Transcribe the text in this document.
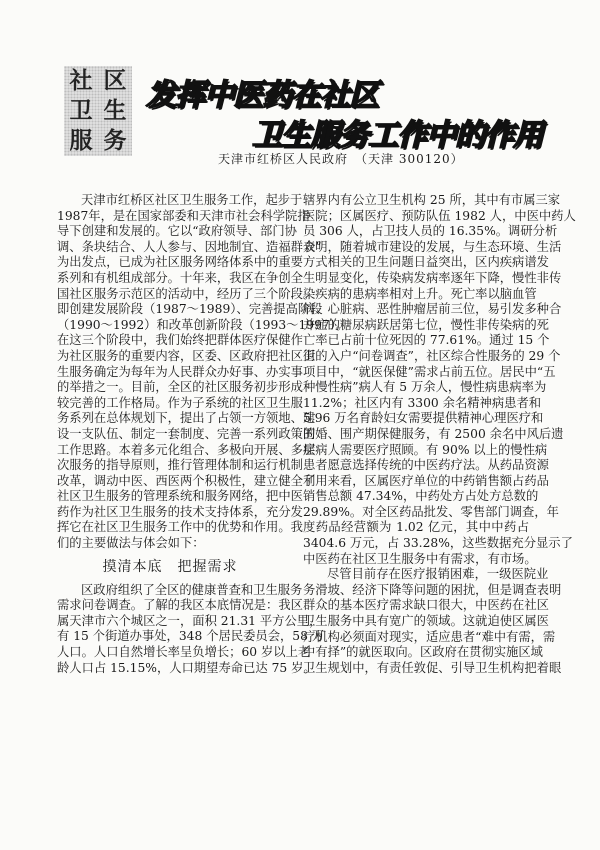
社 区
卫 生
服 务
发挥中医药在社区
卫生服务工作中的作用
天津市红桥区人民政府　（天津 300120）
天津市红桥区社区卫生服务工作，起步于
1987年，是在国家部委和天津市社会科学院指
导下创建和发展的。它以“政府领导、部门协
调、条块结合、人人参与、因地制宜、造福群众”
为出发点，已成为社区服务网络体系中的重要
系列和有机组成部分。十年来，我区在争创全
国社区服务示范区的活动中，经历了三个阶段。
即创建发展阶段（1987～1989）、完善提高阶段
（1990～1992）和改革创新阶段（1993～1997）。
在这三个阶段中，我们始终把群体医疗保健作
为社区服务的重要内容，区委、区政府把社区卫
生服务确定为每年为人民群众办好事、办实事
的举措之一。目前，全区的社区服务初步形成
较完善的工作格局。作为子系统的社区卫生服
务系列在总体规划下，提出了占领一方领地、建
设一支队伍、制定一套制度、完善一系列政策的
工作思路。本着多元化组合、多极向开展、多层
次服务的指导原则，推行管理体制和运行机制
改革，调动中医、西医两个积极性，建立健全了
社区卫生服务的管理系统和服务网络，把中医
药作为社区卫生服务的技术支持体系，充分发
挥它在社区卫生服务工作中的优势和作用。我
们的主要做法与体会如下：
摸清本底　把握需求
区政府组织了全区的健康普查和卫生服务
需求问卷调查。了解的我区本底情况是：我区
属天津市六个城区之一，面积 21.31 平方公里，
有 15 个街道办事处，348 个居民委员会，58 万
人口。人口自然增长率呈负增长；60 岁以上老
龄人口占 15.15%，人口期望寿命已达 75 岁。
辖界内有公立卫生机构 25 所，其中有市属三家
医院；区属医疗、预防队伍 1982 人，中医中药人
员 306 人，占卫技人员的 16.35%。调研分析
表明，随着城市建设的发展，与生态环境、生活
方式相关的卫生问题日益突出，区内疾病谱发
生明显变化，传染病发病率逐年下降，慢性非传
染疾病的患病率相对上升。死亡率以脑血管
病、心脏病、恶性肿瘤居前三位，易引发多种合
并症的糖尿病跃居第七位，慢性非传染病的死
亡率已占前十位死因的 77.61%。通过 15 个
街的入户“问卷调查”，社区综合性服务的 29 个
项目中，“就医保健”需求占前五位。居民中“五
种慢性病”病人有 5 万余人，慢性病患病率为
11.2%；社区内有 3300 余名精神病患者和
5.96 万名育龄妇女需要提供精神心理医疗和
围婚、围产期保健服务，有 2500 余名中风后遗
症病人需要医疗照顾。有 90% 以上的慢性病
患者愿意选择传统的中医药疗法。从药品资源
利用来看，区属医疗单位的中药销售额占药品
销售总额 47.34%，中药处方占处方总数的
29.89%。对全区药品批发、零售部门调查，年
度药品经营额为 1.02 亿元，其中中药占
3404.6 万元，占 33.28%，这些数据充分显示了
中医药在社区卫生服务中有需求，有市场。
尽管目前存在医疗报销困难，一级医院业
务滑坡、经济下降等问题的困扰，但是调查表明
群众的基本医疗需求缺口很大，中医药在社区
卫生服务中具有宽广的领域。这就迫使区属医
疗机构必须面对现实，适应患者“难中有需，需
中有择”的就医取向。区政府在贯彻实施区域
卫生规划中，有责任敦促、引导卫生机构把着眼
